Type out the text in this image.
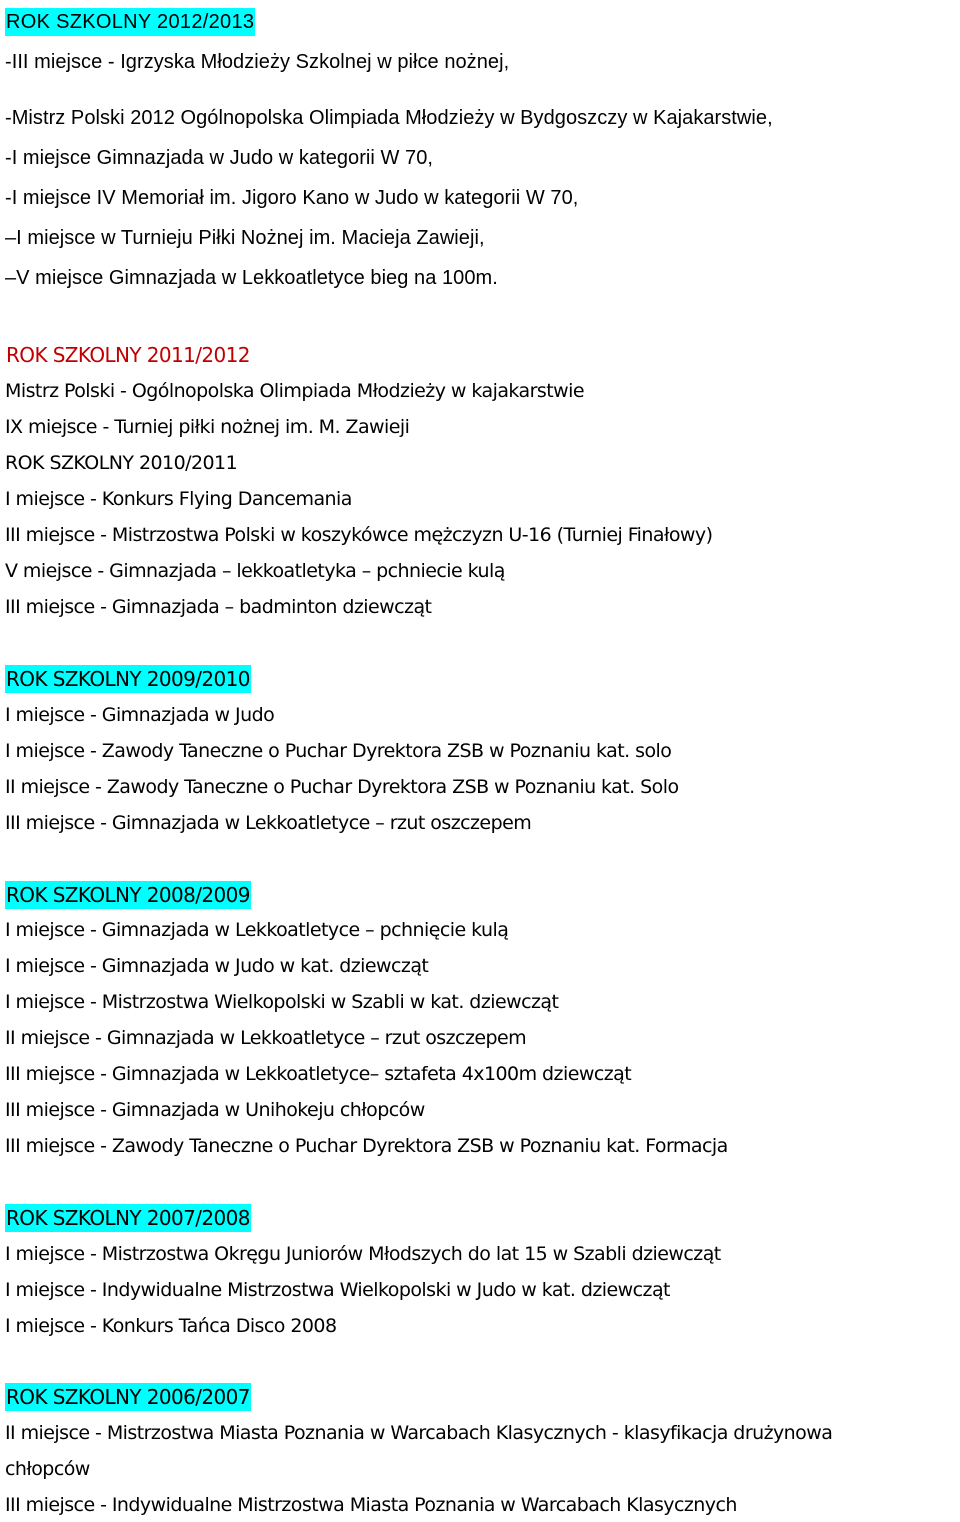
ROK SZKOLNY 2012/2013
-III miejsce - Igrzyska Młodzieży Szkolnej w piłce nożnej,
-Mistrz Polski 2012 Ogólnopolska Olimpiada Młodzieży w Bydgoszczy w Kajakarstwie,
-I miejsce Gimnazjada w Judo w kategorii W 70,
-I miejsce IV Memoriał im. Jigoro Kano w Judo w kategorii W 70,
–I miejsce w Turnieju Piłki Nożnej im. Macieja Zawieji,
–V miejsce Gimnazjada w Lekkoatletyce bieg na 100m.
ROK SZKOLNY 2011/2012
Mistrz Polski - Ogólnopolska Olimpiada Młodzieży w kajakarstwie
IX miejsce - Turniej piłki nożnej im. M. Zawieji
ROK SZKOLNY 2010/2011
I miejsce - Konkurs Flying Dancemania
III miejsce - Mistrzostwa Polski w koszykówce mężczyzn U-16 (Turniej Finałowy)
V miejsce - Gimnazjada – lekkoatletyka – pchniecie kulą
III miejsce - Gimnazjada – badminton dziewcząt
ROK SZKOLNY 2009/2010
I miejsce - Gimnazjada w Judo
I miejsce - Zawody Taneczne o Puchar Dyrektora ZSB w Poznaniu kat. solo
II miejsce - Zawody Taneczne o Puchar Dyrektora ZSB w Poznaniu kat. Solo
III miejsce - Gimnazjada w Lekkoatletyce – rzut oszczepem
ROK SZKOLNY 2008/2009
I miejsce - Gimnazjada w Lekkoatletyce – pchnięcie kulą
I miejsce - Gimnazjada w Judo w kat. dziewcząt
I miejsce - Mistrzostwa Wielkopolski w Szabli w kat. dziewcząt
II miejsce - Gimnazjada w Lekkoatletyce – rzut oszczepem
III miejsce - Gimnazjada w Lekkoatletyce– sztafeta 4x100m dziewcząt
III miejsce - Gimnazjada w Unihokeju chłopców
III miejsce - Zawody Taneczne o Puchar Dyrektora ZSB w Poznaniu kat. Formacja
ROK SZKOLNY 2007/2008
I miejsce - Mistrzostwa Okręgu Juniorów Młodszych do lat 15 w Szabli dziewcząt
I miejsce - Indywidualne Mistrzostwa Wielkopolski w Judo w kat. dziewcząt
I miejsce - Konkurs Tańca Disco 2008
ROK SZKOLNY 2006/2007
II miejsce - Mistrzostwa Miasta Poznania w Warcabach Klasycznych - klasyfikacja drużynowa
chłopców
III miejsce - Indywidualne Mistrzostwa Miasta Poznania w Warcabach Klasycznych
